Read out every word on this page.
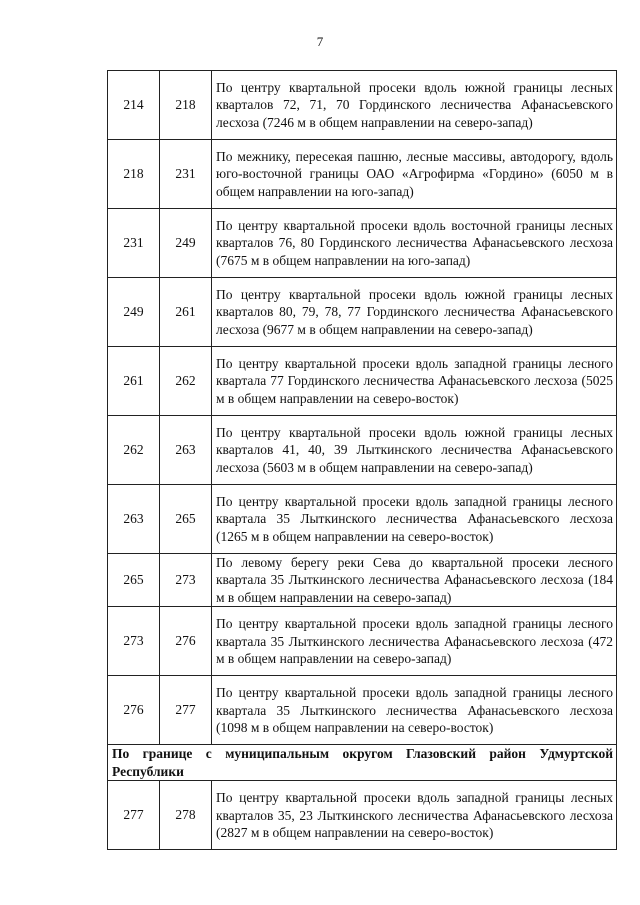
7
214	218	По центру квартальной просеки вдоль южной границы лесных кварталов 72, 71, 70 Гординского лесничества Афанасьевского лесхоза (7246 м в общем направлении на северо-запад)
218	231	По межнику, пересекая пашню, лесные массивы, автодорогу, вдоль юго-восточной границы ОАО «Агрофирма «Гордино» (6050 м в общем направлении на юго-запад)
231	249	По центру квартальной просеки вдоль восточной границы лесных кварталов 76, 80 Гординского лесничества Афанасьевского лесхоза (7675 м в общем направлении на юго-запад)
249	261	По центру квартальной просеки вдоль южной границы лесных кварталов 80, 79, 78, 77 Гординского лесничества Афанасьевского лесхоза (9677 м в общем направлении на северо-запад)
261	262	По центру квартальной просеки вдоль западной границы лесного квартала 77 Гординского лесничества Афанасьевского лесхоза (5025 м в общем направлении на северо-восток)
262	263	По центру квартальной просеки вдоль южной границы лесных кварталов 41, 40, 39 Лыткинского лесничества Афанасьевского лесхоза (5603 м в общем направлении на северо-запад)
263	265	По центру квартальной просеки вдоль западной границы лесного квартала 35 Лыткинского лесничества Афанасьевского лесхоза (1265 м в общем направлении на северо-восток)
265	273	По левому берегу реки Сева до квартальной просеки лесного квартала 35 Лыткинского лесничества Афанасьевского лесхоза (184 м в общем направлении на северо-запад)
273	276	По центру квартальной просеки вдоль западной границы лесного квартала 35 Лыткинского лесничества Афанасьевского лесхоза (472 м в общем направлении на северо-запад)
276	277	По центру квартальной просеки вдоль западной границы лесного квартала 35 Лыткинского лесничества Афанасьевского лесхоза (1098 м в общем направлении на северо-восток)
По границе с муниципальным округом Глазовский район Удмуртской Республики		
277	278	По центру квартальной просеки вдоль западной границы лесных кварталов 35, 23 Лыткинского лесничества Афанасьевского лесхоза (2827 м в общем направлении на северо-восток)
